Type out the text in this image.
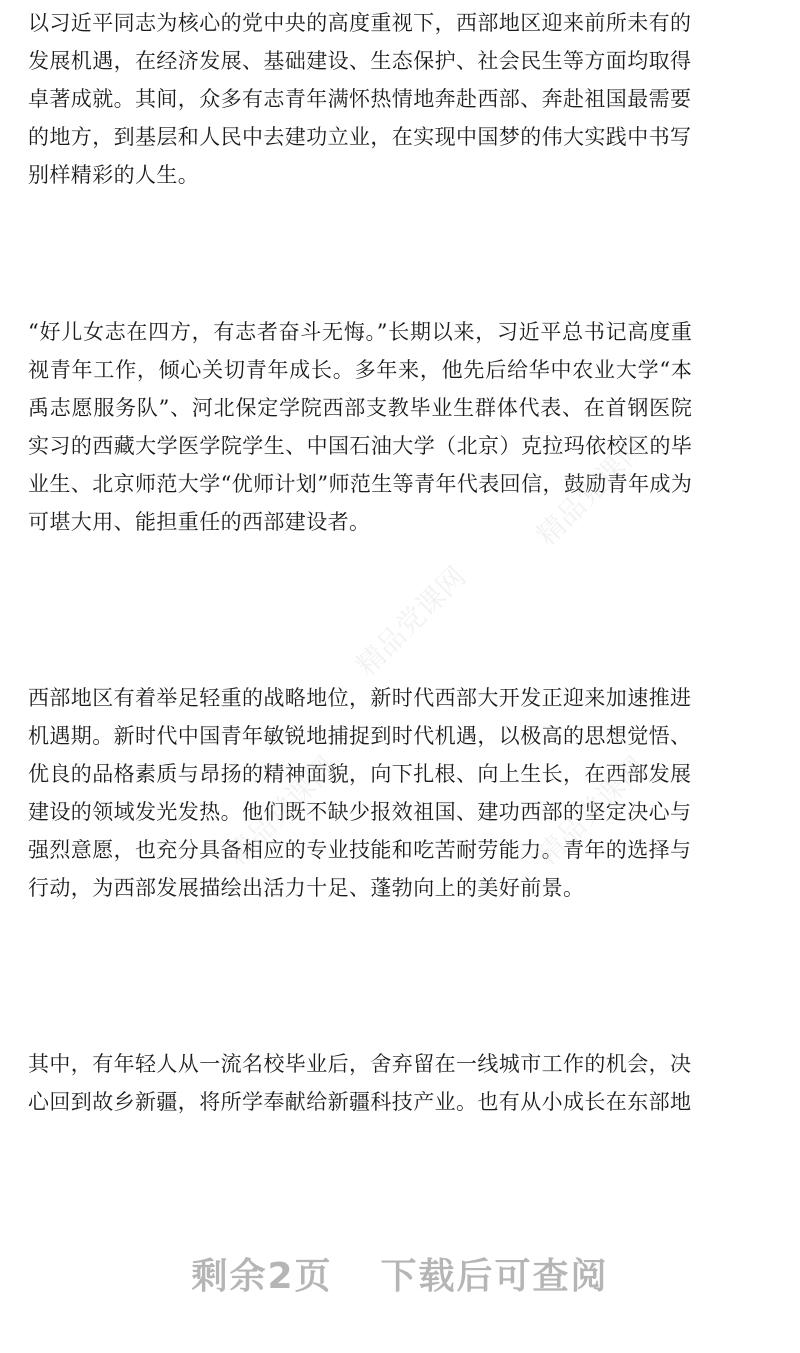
以习近平同志为核心的党中央的高度重视下，西部地区迎来前所未有的
发展机遇，在经济发展、基础建设、生态保护、社会民生等方面均取得
卓著成就。其间，众多有志青年满怀热情地奔赴西部、奔赴祖国最需要
的地方，到基层和人民中去建功立业，在实现中国梦的伟大实践中书写
别样精彩的人生。

“好儿女志在四方，有志者奋斗无悔。”长期以来，习近平总书记高度重
视青年工作，倾心关切青年成长。多年来，他先后给华中农业大学“本
禹志愿服务队”、河北保定学院西部支教毕业生群体代表、在首钢医院
实习的西藏大学医学院学生、中国石油大学（北京）克拉玛依校区的毕
业生、北京师范大学“优师计划”师范生等青年代表回信，鼓励青年成为
可堪大用、能担重任的西部建设者。

西部地区有着举足轻重的战略地位，新时代西部大开发正迎来加速推进
机遇期。新时代中国青年敏锐地捕捉到时代机遇，以极高的思想觉悟、
优良的品格素质与昂扬的精神面貌，向下扎根、向上生长，在西部发展
建设的领域发光发热。他们既不缺少报效祖国、建功西部的坚定决心与
强烈意愿，也充分具备相应的专业技能和吃苦耐劳能力。青年的选择与
行动，为西部发展描绘出活力十足、蓬勃向上的美好前景。

其中，有年轻人从一流名校毕业后，舍弃留在一线城市工作的机会，决
心回到故乡新疆，将所学奉献给新疆科技产业。也有从小成长在东部地

精品党课网
精品党课网
精品党课网	精品党课网
剩余2页 下载后可查阅
